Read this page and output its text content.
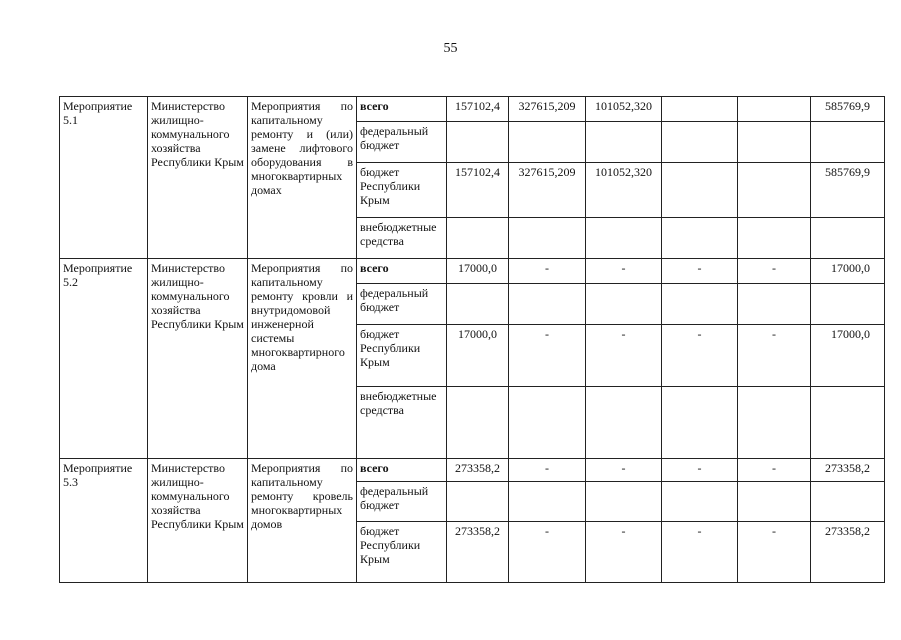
55
Мероприятие 5.1	Министерство жилищно-коммунального хозяйства Республики Крым	Мероприятия по капитальному ремонту и (или) замене лифтового оборудования в многоквартирных домах	всего	157102,4	327615,209	101052,320			585769,9
			федеральный бюджет						
			бюджет Республики Крым	157102,4	327615,209	101052,320			585769,9
			внебюджетные средства						
Мероприятие 5.2	Министерство жилищно-коммунального хозяйства Республики Крым	Мероприятия по капитальному ремонту кровли и внутридомовой инженерной системы многоквартирного дома	всего	17000,0	-	-	-	-	17000,0
			федеральный бюджет						
			бюджет Республики Крым	17000,0	-	-	-	-	17000,0
			внебюджетные средства						
Мероприятие 5.3	Министерство жилищно-коммунального хозяйства Республики Крым	Мероприятия по капитальному ремонту кровель многоквартирных домов	всего	273358,2	-	-	-	-	273358,2
			федеральный бюджет						
			бюджет Республики Крым	273358,2	-	-	-	-	273358,2
